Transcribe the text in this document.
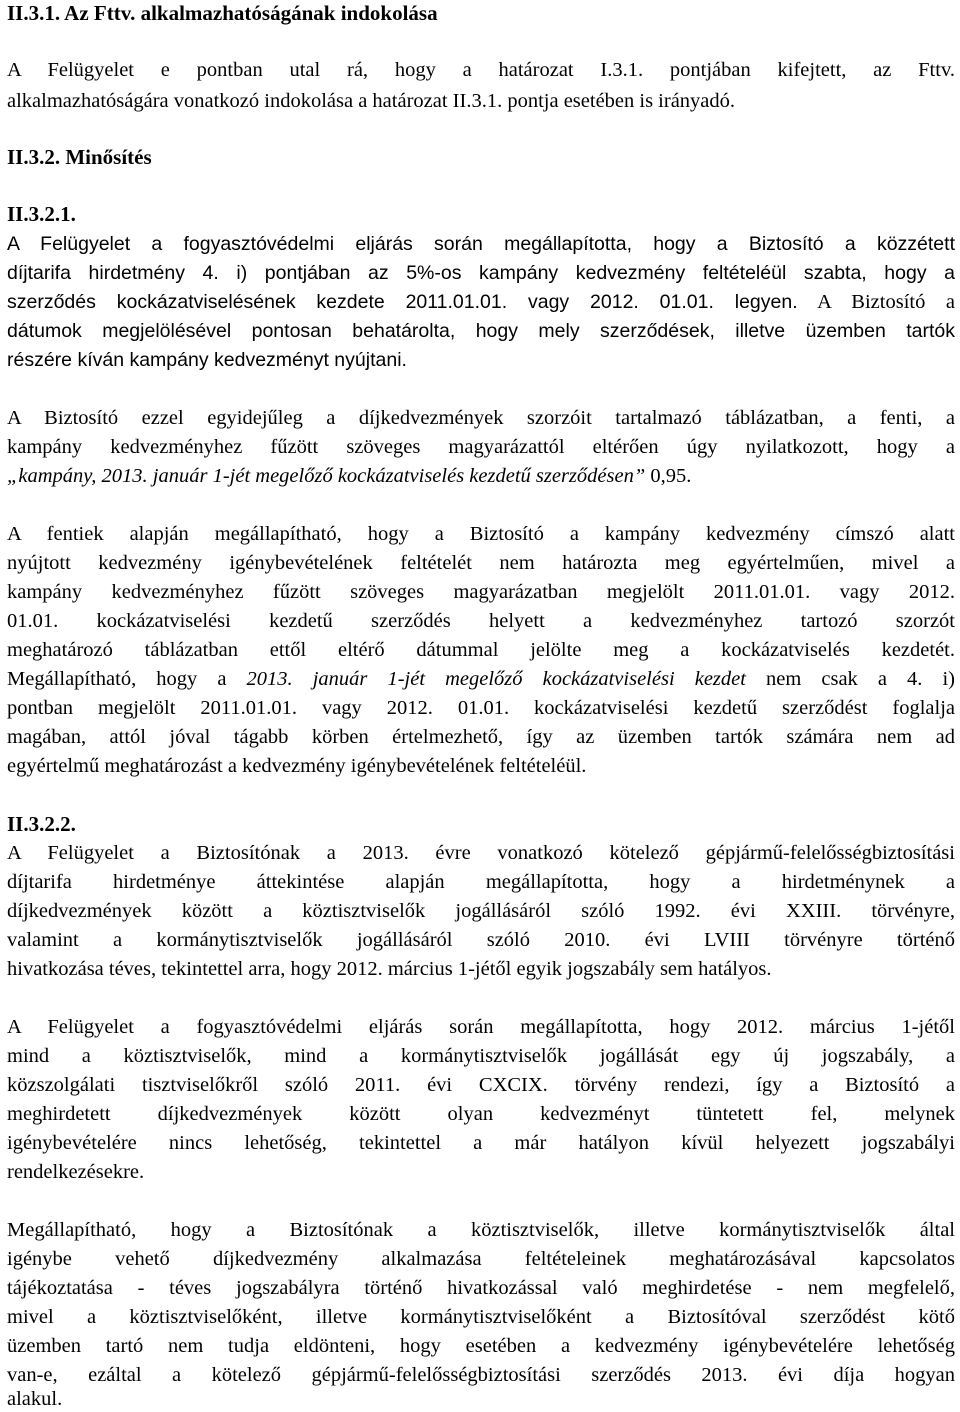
II.3.1. Az Fttv. alkalmazhatóságának indokolása
A Felügyelet e pontban utal rá, hogy a határozat I.3.1. pontjában kifejtett, az Fttv.
alkalmazhatóságára vonatkozó indokolása a határozat II.3.1. pontja esetében is irányadó.
II.3.2. Minősítés
II.3.2.1.
A Felügyelet a fogyasztóvédelmi eljárás során megállapította, hogy a Biztosító a közzétett
díjtarifa hirdetmény 4. i) pontjában az 5%-os kampány kedvezmény feltételéül szabta, hogy a
szerződés kockázatviselésének kezdete 2011.01.01. vagy 2012. 01.01. legyen. A Biztosító a
dátumok megjelölésével pontosan behatárolta, hogy mely szerződések, illetve üzemben tartók
részére kíván kampány kedvezményt nyújtani.
A Biztosító ezzel egyidejűleg a díjkedvezmények szorzóit tartalmazó táblázatban, a fenti, a
kampány kedvezményhez fűzött szöveges magyarázattól eltérően úgy nyilatkozott, hogy a
„kampány, 2013. január 1-jét megelőző kockázatviselés kezdetű szerződésen” 0,95.
A fentiek alapján megállapítható, hogy a Biztosító a kampány kedvezmény címszó alatt
nyújtott kedvezmény igénybevételének feltételét nem határozta meg egyértelműen, mivel a
kampány kedvezményhez fűzött szöveges magyarázatban megjelölt 2011.01.01. vagy 2012.
01.01. kockázatviselési kezdetű szerződés helyett a kedvezményhez tartozó szorzót
meghatározó táblázatban ettől eltérő dátummal jelölte meg a kockázatviselés kezdetét.
Megállapítható, hogy a 2013. január 1-jét megelőző kockázatviselési kezdet nem csak a 4. i)
pontban megjelölt 2011.01.01. vagy 2012. 01.01. kockázatviselési kezdetű szerződést foglalja
magában, attól jóval tágabb körben értelmezhető, így az üzemben tartók számára nem ad
egyértelmű meghatározást a kedvezmény igénybevételének feltételéül.
II.3.2.2.
A Felügyelet a Biztosítónak a 2013. évre vonatkozó kötelező gépjármű-felelősségbiztosítási
díjtarifa hirdetménye áttekintése alapján megállapította, hogy a hirdetménynek a
díjkedvezmények között a köztisztviselők jogállásáról szóló 1992. évi XXIII. törvényre,
valamint a kormánytisztviselők jogállásáról szóló 2010. évi LVIII törvényre történő
hivatkozása téves, tekintettel arra, hogy 2012. március 1-jétől egyik jogszabály sem hatályos.
A Felügyelet a fogyasztóvédelmi eljárás során megállapította, hogy 2012. március 1-jétől
mind a köztisztviselők, mind a kormánytisztviselők jogállását egy új jogszabály, a
közszolgálati tisztviselőkről szóló 2011. évi CXCIX. törvény rendezi, így a Biztosító a
meghirdetett díjkedvezmények között olyan kedvezményt tüntetett fel, melynek
igénybevételére nincs lehetőség, tekintettel a már hatályon kívül helyezett jogszabályi
rendelkezésekre.
Megállapítható, hogy a Biztosítónak a köztisztviselők, illetve kormánytisztviselők által
igénybe vehető díjkedvezmény alkalmazása feltételeinek meghatározásával kapcsolatos
tájékoztatása - téves jogszabályra történő hivatkozással való meghirdetése - nem megfelelő,
mivel a köztisztviselőként, illetve kormánytisztviselőként a Biztosítóval szerződést kötő
üzemben tartó nem tudja eldönteni, hogy esetében a kedvezmény igénybevételére lehetőség
van-e, ezáltal a kötelező gépjármű-felelősségbiztosítási szerződés 2013. évi díja hogyan
alakul.
